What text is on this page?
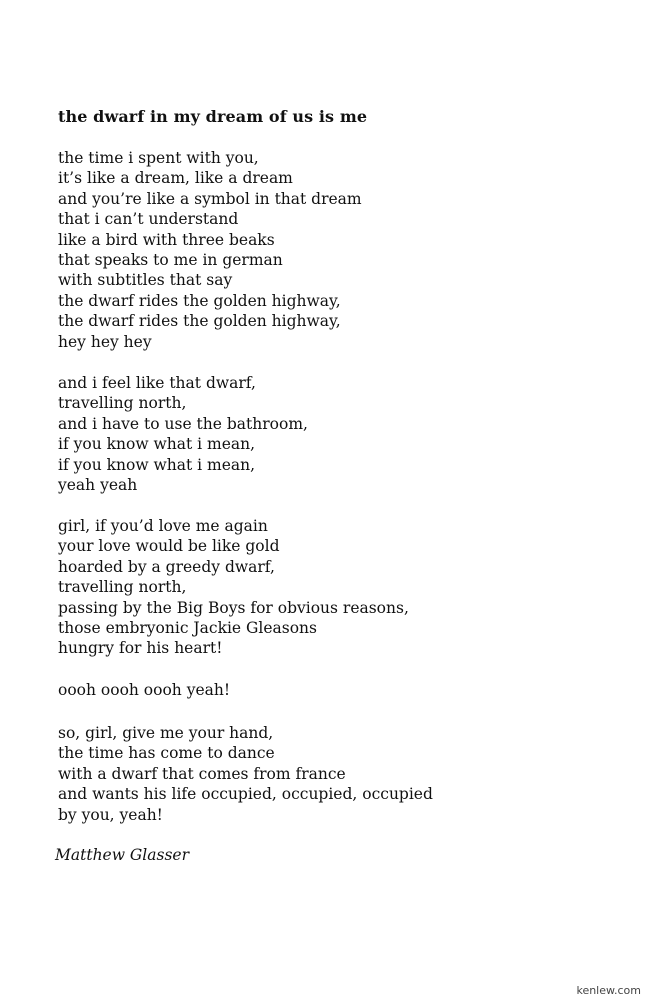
the dwarf in my dream of us is me
the time i spent with you,
it’s like a dream, like a dream
and you’re like a symbol in that dream
that i can’t understand
like a bird with three beaks
that speaks to me in german
with subtitles that say
the dwarf rides the golden highway,
the dwarf rides the golden highway,
hey hey hey
and i feel like that dwarf,
travelling north,
and i have to use the bathroom,
if you know what i mean,
if you know what i mean,
yeah yeah
girl, if you’d love me again
your love would be like gold
hoarded by a greedy dwarf,
travelling north,
passing by the Big Boys for obvious reasons,
those embryonic Jackie Gleasons
hungry for his heart!
oooh oooh oooh yeah!
so, girl, give me your hand,
the time has come to dance
with a dwarf that comes from france
and wants his life occupied, occupied, occupied
by you, yeah!

Matthew Glasser

kenlew.com
